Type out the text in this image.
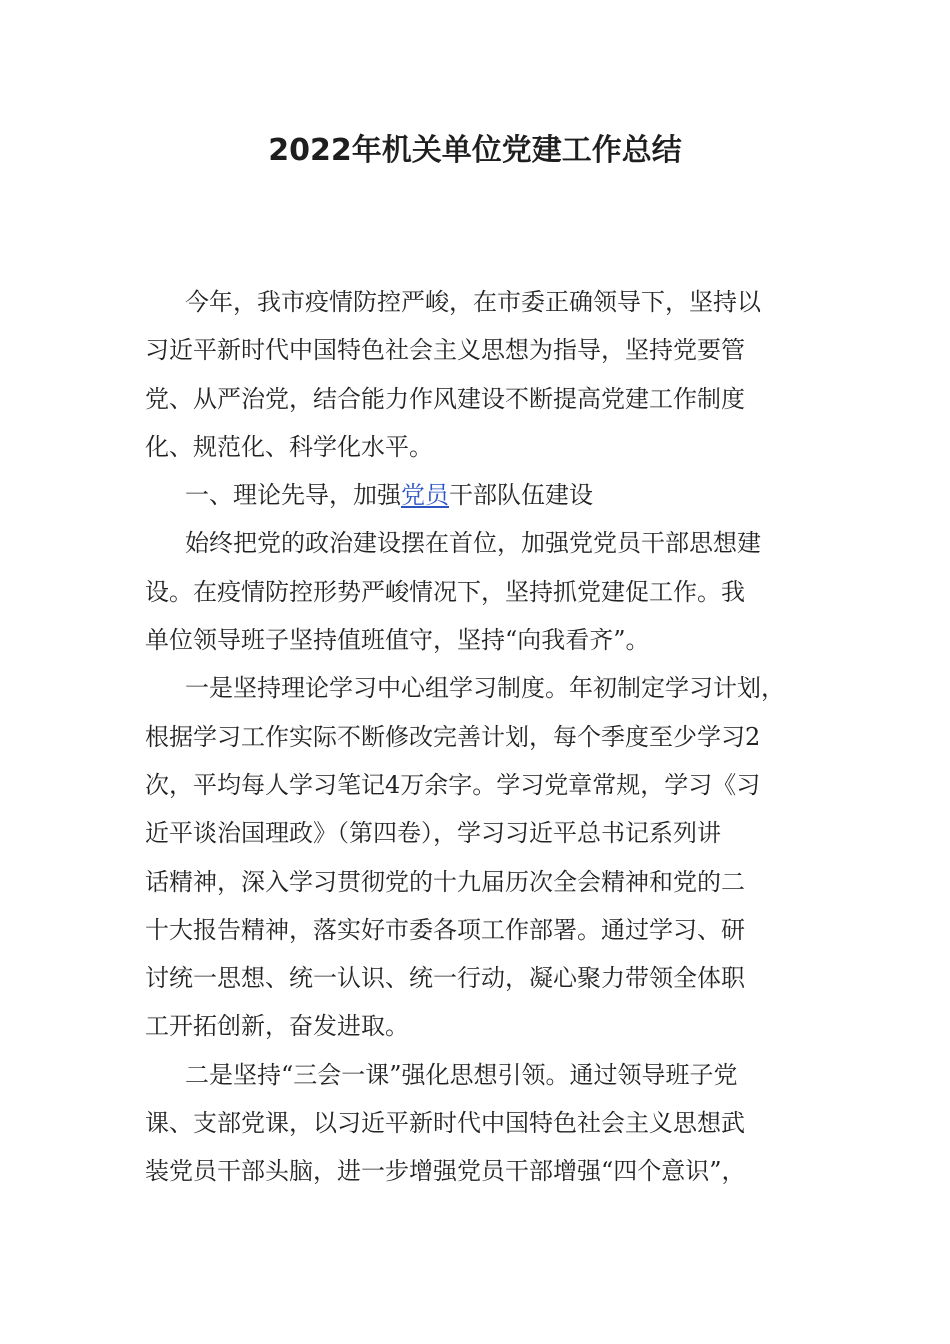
2022年机关单位党建工作总结
今年，我市疫情防控严峻，在市委正确领导下，坚持以
习近平新时代中国特色社会主义思想为指导，坚持党要管
党、从严治党，结合能力作风建设不断提高党建工作制度
化、规范化、科学化水平。
一、理论先导，加强党员干部队伍建设
始终把党的政治建设摆在首位，加强党党员干部思想建
设。在疫情防控形势严峻情况下，坚持抓党建促工作。我
单位领导班子坚持值班值守，坚持“向我看齐”。
一是坚持理论学习中心组学习制度。年初制定学习计划，
根据学习工作实际不断修改完善计划，每个季度至少学习2
次，平均每人学习笔记4万余字。学习党章常规，学习《习
近平谈治国理政》（第四卷），学习习近平总书记系列讲
话精神，深入学习贯彻党的十九届历次全会精神和党的二
十大报告精神，落实好市委各项工作部署。通过学习、研
讨统一思想、统一认识、统一行动，凝心聚力带领全体职
工开拓创新，奋发进取。
二是坚持“三会一课”强化思想引领。通过领导班子党
课、支部党课，以习近平新时代中国特色社会主义思想武
装党员干部头脑，进一步增强党员干部增强“四个意识”，
